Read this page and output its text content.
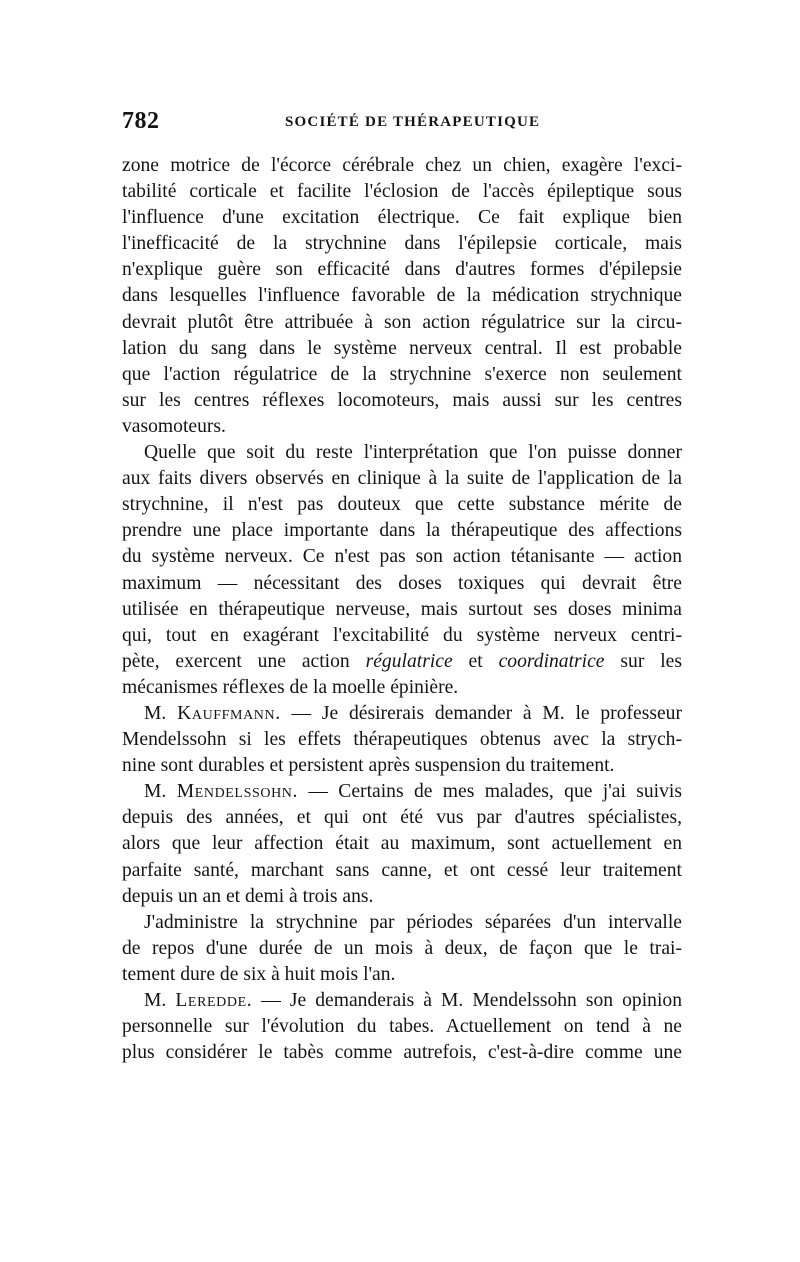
782	SOCIÉTÉ DE THÉRAPEUTIQUE
zone motrice de l'écorce cérébrale chez un chien, exagère l'exci-
tabilité corticale et facilite l'éclosion de l'accès épileptique sous
l'influence d'une excitation électrique. Ce fait explique bien
l'inefficacité de la strychnine dans l'épilepsie corticale, mais
n'explique guère son efficacité dans d'autres formes d'épilepsie
dans lesquelles l'influence favorable de la médication strychnique
devrait plutôt être attribuée à son action régulatrice sur la circu-
lation du sang dans le système nerveux central. Il est probable
que l'action régulatrice de la strychnine s'exerce non seulement
sur les centres réflexes locomoteurs, mais aussi sur les centres
vasomoteurs.
Quelle que soit du reste l'interprétation que l'on puisse donner
aux faits divers observés en clinique à la suite de l'application de la
strychnine, il n'est pas douteux que cette substance mérite de
prendre une place importante dans la thérapeutique des affections
du système nerveux. Ce n'est pas son action tétanisante — action
maximum — nécessitant des doses toxiques qui devrait être
utilisée en thérapeutique nerveuse, mais surtout ses doses minima
qui, tout en exagérant l'excitabilité du système nerveux centri-
pète, exercent une action régulatrice et coordinatrice sur les
mécanismes réflexes de la moelle épinière.
M. Kauffmann. — Je désirerais demander à M. le professeur
Mendelssohn si les effets thérapeutiques obtenus avec la strych-
nine sont durables et persistent après suspension du traitement.
M. Mendelssohn. — Certains de mes malades, que j'ai suivis
depuis des années, et qui ont été vus par d'autres spécialistes,
alors que leur affection était au maximum, sont actuellement en
parfaite santé, marchant sans canne, et ont cessé leur traitement
depuis un an et demi à trois ans.
J'administre la strychnine par périodes séparées d'un intervalle
de repos d'une durée de un mois à deux, de façon que le trai-
tement dure de six à huit mois l'an.
M. Leredde. — Je demanderais à M. Mendelssohn son opinion
personnelle sur l'évolution du tabes. Actuellement on tend à ne
plus considérer le tabès comme autrefois, c'est-à-dire comme une
